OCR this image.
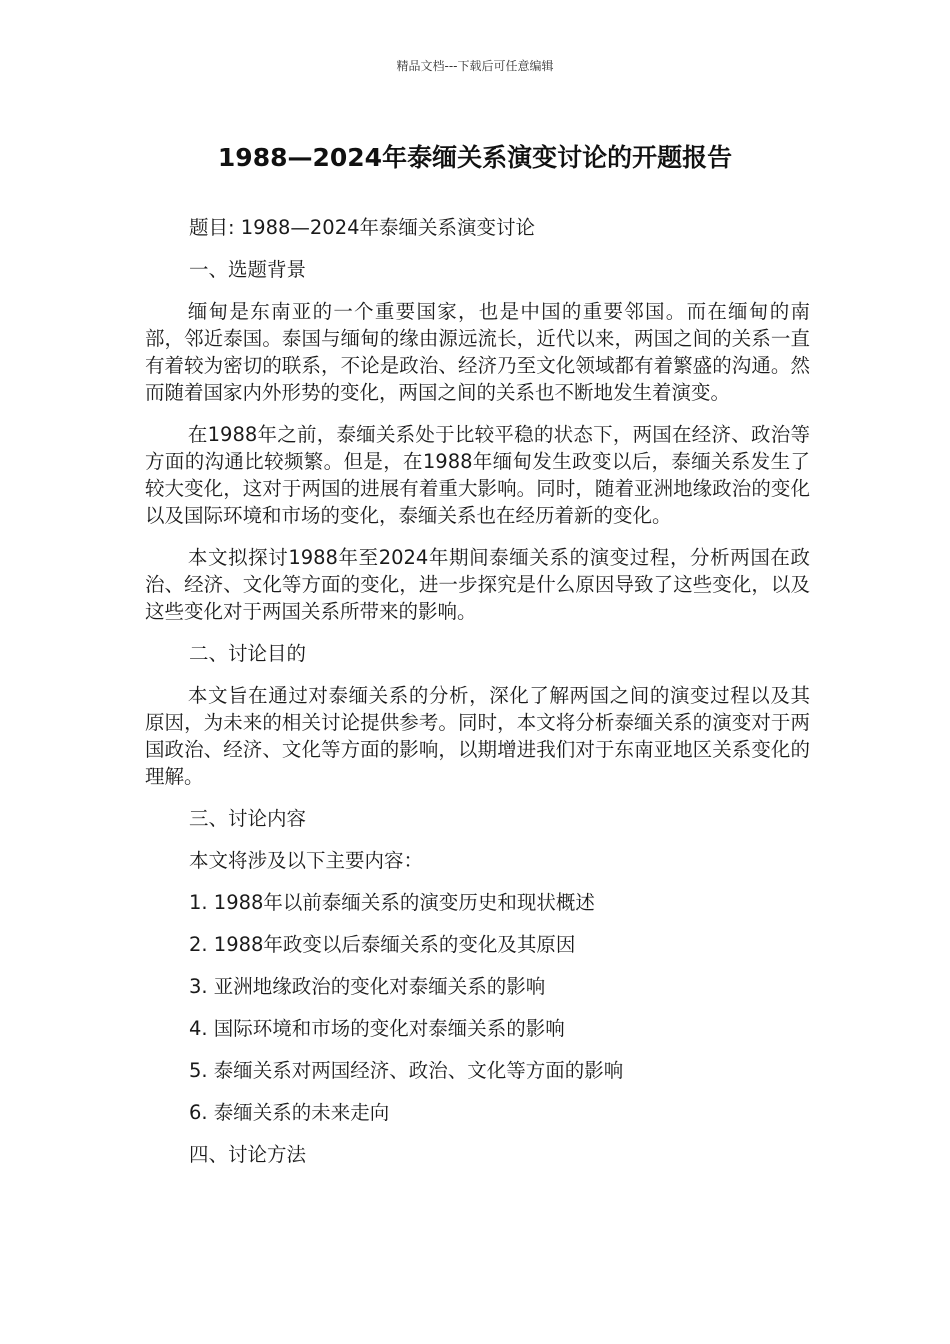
精品文档---下载后可任意编辑
1988—2024年泰缅关系演变讨论的开题报告
题目: 1988—2024年泰缅关系演变讨论
一、选题背景

缅甸是东南亚的一个重要国家，也是中国的重要邻国。而在缅甸的南部，邻近泰国。泰国与缅甸的缘由源远流长，近代以来，两国之间的关系一直有着较为密切的联系，不论是政治、经济乃至文化领域都有着繁盛的沟通。然而随着国家内外形势的变化，两国之间的关系也不断地发生着演变。

在1988年之前，泰缅关系处于比较平稳的状态下，两国在经济、政治等方面的沟通比较频繁。但是，在1988年缅甸发生政变以后，泰缅关系发生了较大变化，这对于两国的进展有着重大影响。同时，随着亚洲地缘政治的变化以及国际环境和市场的变化，泰缅关系也在经历着新的变化。

本文拟探讨1988年至2024年期间泰缅关系的演变过程，分析两国在政治、经济、文化等方面的变化，进一步探究是什么原因导致了这些变化，以及这些变化对于两国关系所带来的影响。

二、讨论目的

本文旨在通过对泰缅关系的分析，深化了解两国之间的演变过程以及其原因，为未来的相关讨论提供参考。同时，本文将分析泰缅关系的演变对于两国政治、经济、文化等方面的影响，以期增进我们对于东南亚地区关系变化的理解。

三、讨论内容
本文将涉及以下主要内容：
1. 1988年以前泰缅关系的演变历史和现状概述
2. 1988年政变以后泰缅关系的变化及其原因
3. 亚洲地缘政治的变化对泰缅关系的影响
4. 国际环境和市场的变化对泰缅关系的影响
5. 泰缅关系对两国经济、政治、文化等方面的影响
6. 泰缅关系的未来走向
四、讨论方法
